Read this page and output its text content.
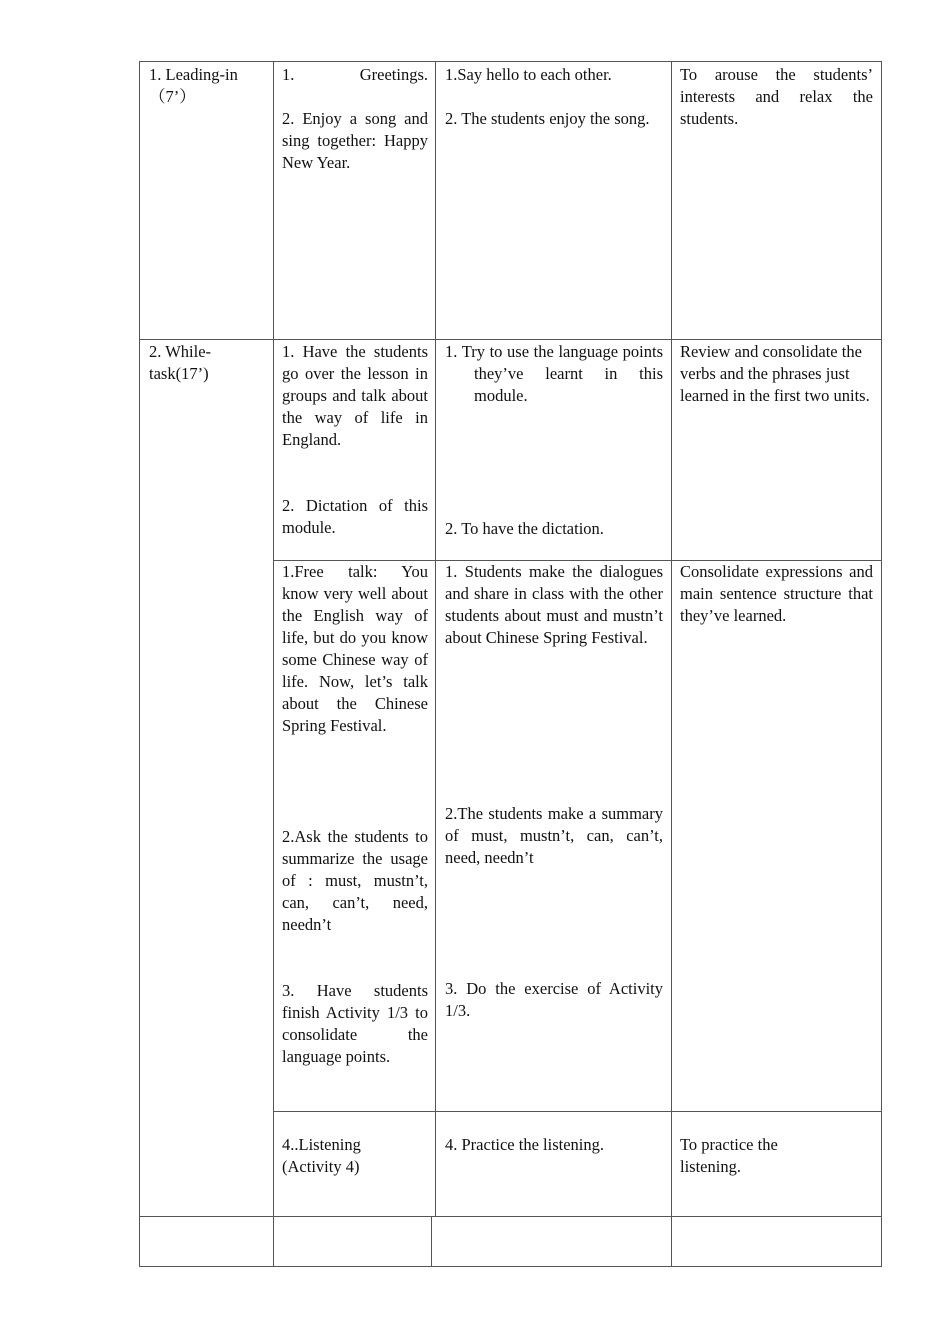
1. Leading-in
（7’）
1. Greetings.
2. Enjoy a song and sing together: Happy New Year.
1.Say hello to each other.
2. The students enjoy the song.
To arouse the students’ interests and relax the students.
2. While-
task(17’)
1. Have the students go over the lesson in groups and talk about the way of life in England.
2. Dictation of this module.
1. Try to use the language points they’ve learnt in this module.
2. To have the dictation.
Review and consolidate the verbs and the phrases just learned in the first two units.
1.Free talk: You know very well about the English way of life, but do you know some Chinese way of life. Now, let’s talk about the Chinese Spring Festival.
2.Ask the students to summarize the usage of : must, mustn’t, can, can’t, need, needn’t
3. Have students finish Activity 1/3 to consolidate the language points.
1. Students make the dialogues and share in class with the other students about must and mustn’t about Chinese Spring Festival.
2.The students make a summary of must, mustn’t, can, can’t, need, needn’t
3. Do the exercise of Activity 1/3.
Consolidate expressions and main sentence structure that they’ve learned.
4..Listening
(Activity 4)
4. Practice the listening.	To practice the
listening.
